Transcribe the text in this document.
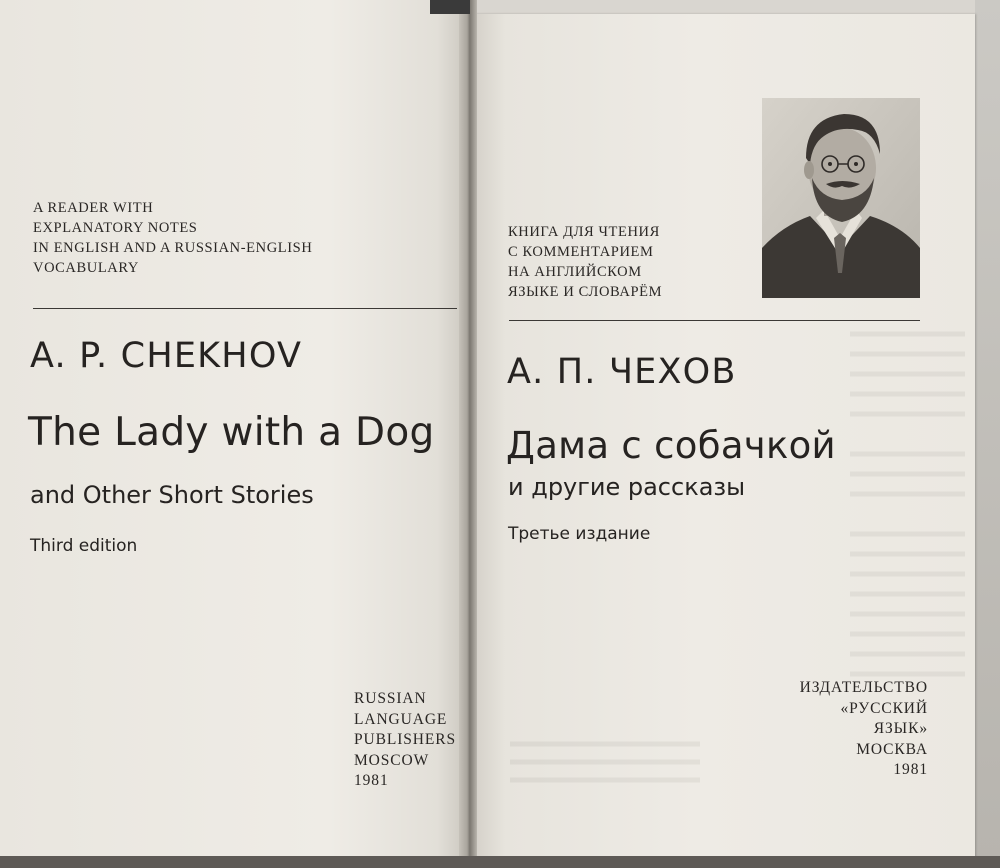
A READER WITH
EXPLANATORY NOTES
IN ENGLISH AND A RUSSIAN-ENGLISH
VOCABULARY
A. P. CHEKHOV
The Lady with a Dog
and Other Short Stories
Third edition
RUSSIAN
LANGUAGE
PUBLISHERS
MOSCOW
1981
КНИГА ДЛЯ ЧТЕНИЯ
С КОММЕНТАРИЕМ
НА АНГЛИЙСКОМ
ЯЗЫКЕ И СЛОВАРЁМ
А. П. ЧЕХОВ
Дама с собачкой
и другие рассказы
Третье издание
ИЗДАТЕЛЬСТВО
«РУССКИЙ
ЯЗЫК»
МОСКВА
1981
